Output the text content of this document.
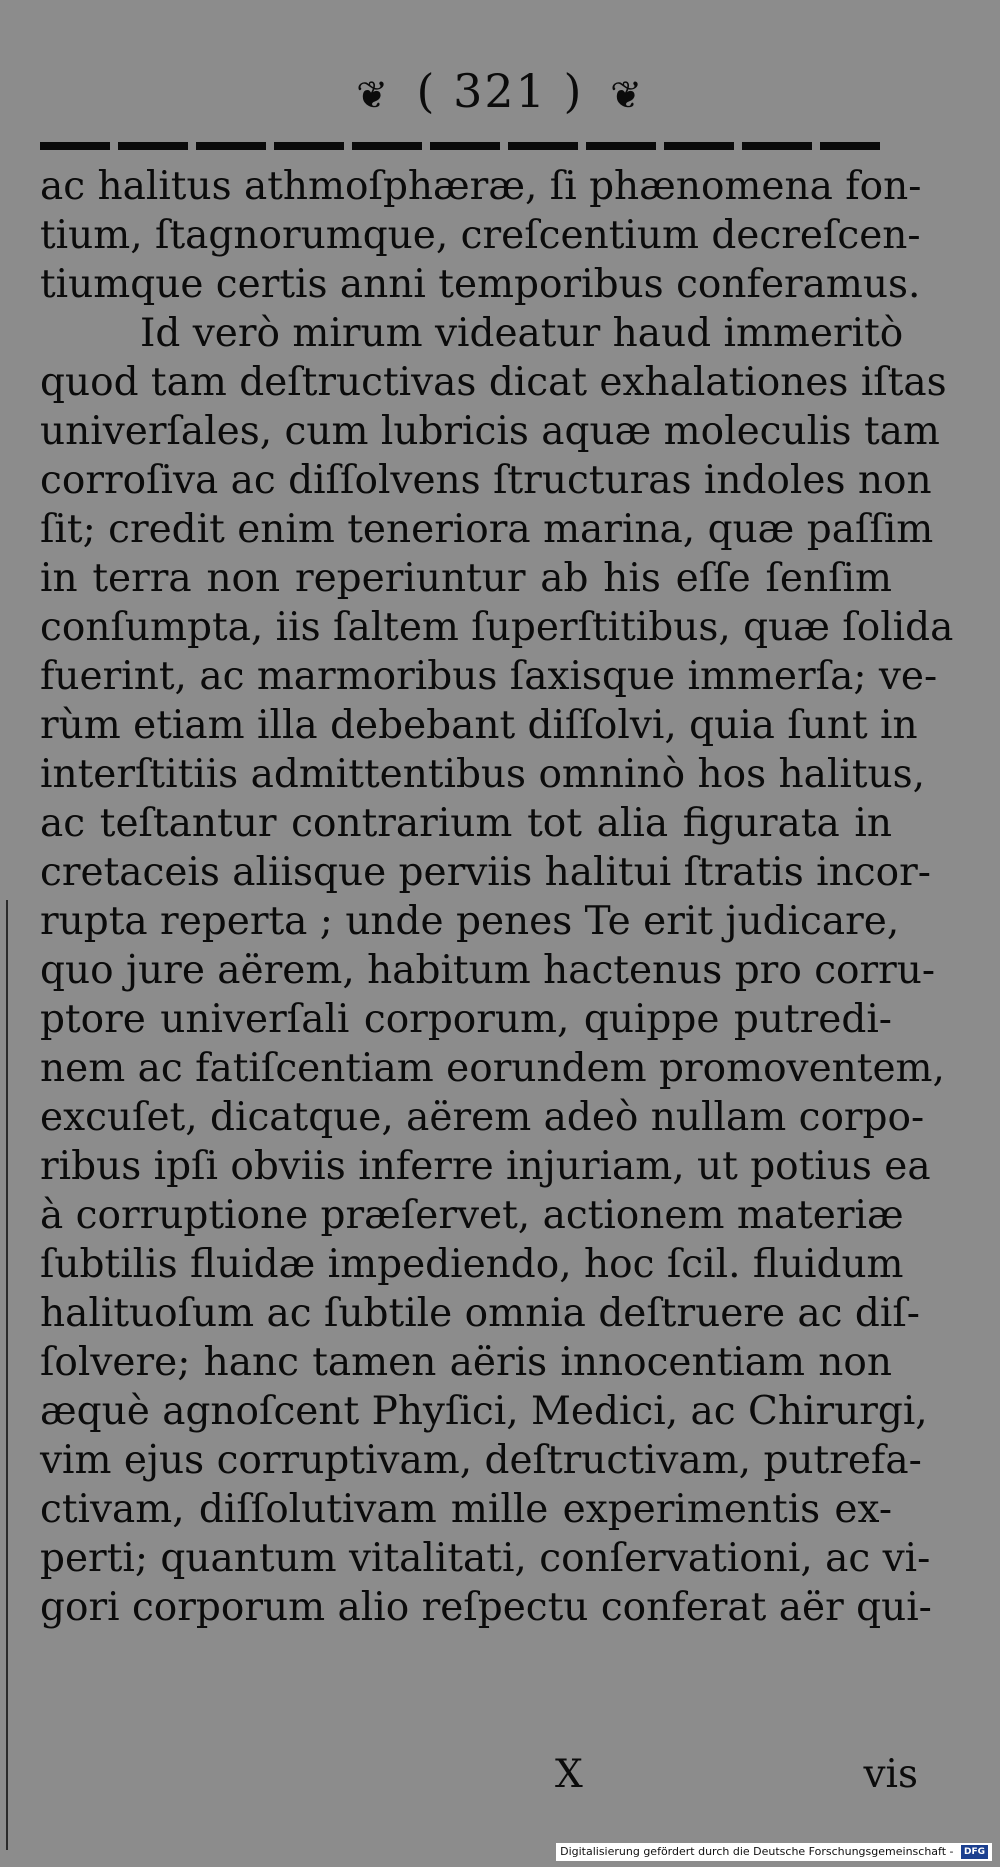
❦ ( 321 ) ❦
ac halitus athmoſphæræ, ſi phænomena fon-
tium, ſtagnorumque, creſcentium decreſcen-
tiumque certis anni temporibus conferamus.
Id verò mirum videatur haud immeritò
quod tam deſtructivas dicat exhalationes iſtas
univerſales, cum lubricis aquæ moleculis tam
corroſiva ac diſſolvens ſtructuras indoles non
ſit; credit enim teneriora marina, quæ paſſim
in terra non reperiuntur ab his eſſe ſenſim
conſumpta, iis ſaltem ſuperſtitibus, quæ ſolida
fuerint, ac marmoribus ſaxisque immerſa; ve-
rùm etiam illa debebant diſſolvi, quia ſunt in
interſtitiis admittentibus omninò hos halitus,
ac teſtantur contrarium tot alia figurata in
cretaceis aliisque perviis halitui ſtratis incor-
rupta reperta ; unde penes Te erit judicare,
quo jure aërem, habitum hactenus pro corru-
ptore univerſali corporum, quippe putredi-
nem ac fatiſcentiam eorundem promoventem,
excuſet, dicatque, aërem adeò nullam corpo-
ribus ipſi obviis inferre injuriam, ut potius ea
à corruptione præſervet, actionem materiæ
ſubtilis fluidæ impediendo, hoc ſcil. fluidum
halituoſum ac ſubtile omnia deſtruere ac diſ-
ſolvere; hanc tamen aëris innocentiam non
æquè agnoſcent Phyſici, Medici, ac Chirurgi,
vim ejus corruptivam, deſtructivam, putrefa-
ctivam, diſſolutivam mille experimentis ex-
perti; quantum vitalitati, conſervationi, ac vi-
gori corporum alio reſpectu conferat aër qui-
X	vis
Digitalisierung gefördert durch die Deutsche Forschungsgemeinschaft - DFG
